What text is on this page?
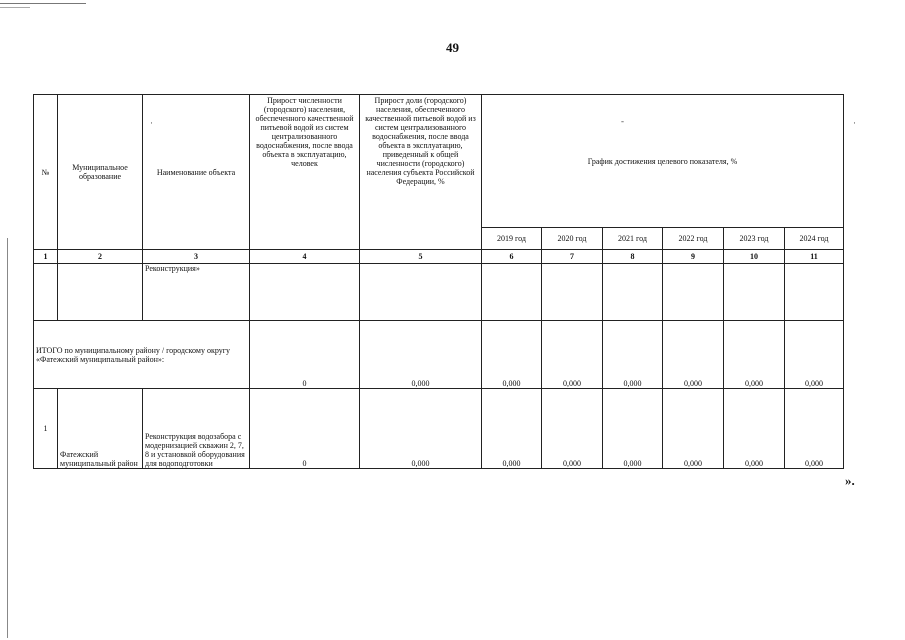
·	-	·
49
№	Муниципальное образование	Наименование объекта	Прирост численности (городского) населения, обеспеченного качественной питьевой водой из систем централизованного водоснабжения, после ввода объекта в эксплуатацию, человек	Прирост доли (городского) населения, обеспеченного качественной питьевой водой из систем централизованного водоснабжения, после ввода объекта в эксплуатацию, приведенный к общей численности (городского) населения субъекта Российской Федерации, %	График достижения целевого показателя, %					
					2019 год	2020 год	2021 год	2022 год	2023 год	2024 год
1	2	3	4	5	6	7	8	9	10	11
		Реконструкция»								
ИТОГО по муниципальному району / городскому округу «Фатежский муниципальный район»:			0	0,000	0,000	0,000	0,000	0,000	0,000	0,000
1	Фатежский муниципальный район	Реконструкция водозабора с модернизацией скважин 2, 7, 8 и установкой оборудования для водоподготовки	0	0,000	0,000	0,000	0,000	0,000	0,000	0,000
».
